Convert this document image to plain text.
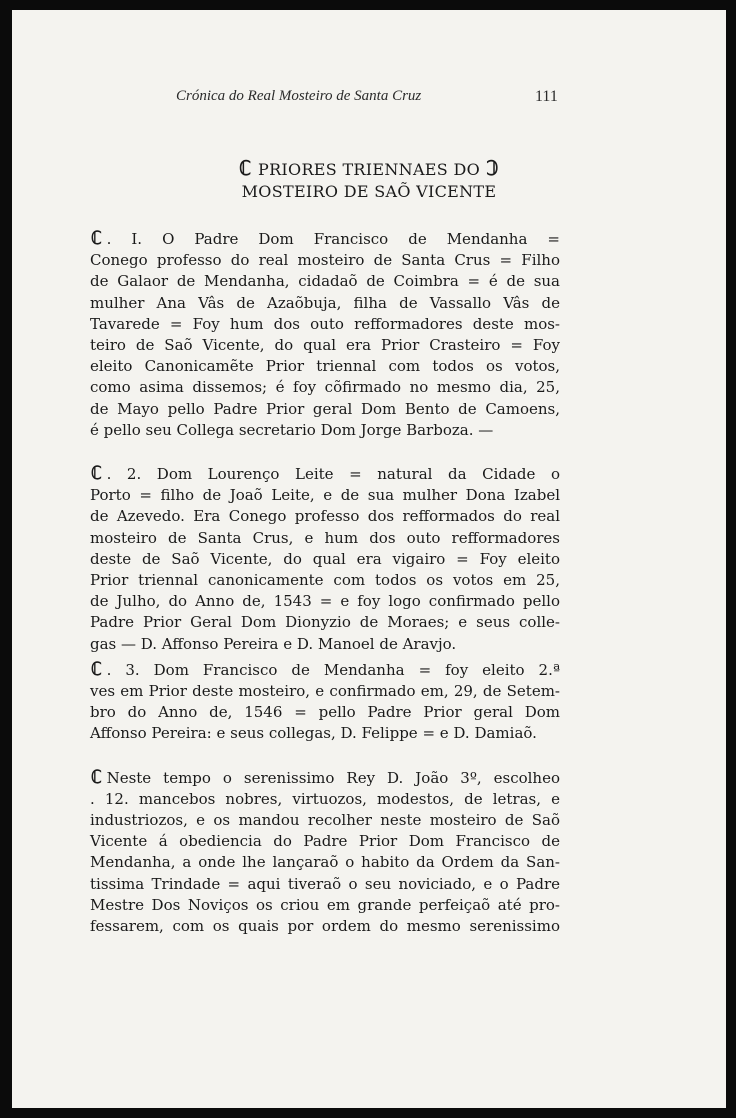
Crónica do Real Mosteiro de Santa Cruz	111
ℂ PRIORES TRIENNAES DO ℂ
MOSTEIRO DE SAÕ VICENTE
ℂ . I. O Padre Dom Francisco de Mendanha =
Conego professo do real mosteiro de Santa Crus = Filho
de Galaor de Mendanha, cidadaõ de Coimbra = é de sua
mulher Ana Vâs de Azaõbuja, filha de Vassallo Vâs de
Tavarede = Foy hum dos outo refformadores deste mos-
teiro de Saõ Vicente, do qual era Prior Crasteiro = Foy
eleito Canonicamẽte Prior triennal com todos os votos,
como asima dissemos; é foy cõfirmado no mesmo dia, 25,
de Mayo pello Padre Prior geral Dom Bento de Camoens,
é pello seu Collega secretario Dom Jorge Barboza. —
ℂ . 2. Dom Lourenço Leite = natural da Cidade o
Porto = filho de Joaõ Leite, e de sua mulher Dona Izabel
de Azevedo. Era Conego professo dos refformados do real
mosteiro de Santa Crus, e hum dos outo refformadores
deste de Saõ Vicente, do qual era vigairo = Foy eleito
Prior triennal canonicamente com todos os votos em 25,
de Julho, do Anno de, 1543 = e foy logo confirmado pello
Padre Prior Geral Dom Dionyzio de Moraes; e seus colle-
gas — D. Affonso Pereira e D. Manoel de Aravjo.
ℂ . 3. Dom Francisco de Mendanha = foy eleito 2.ª
ves em Prior deste mosteiro, e confirmado em, 29, de Setem-
bro do Anno de, 1546 = pello Padre Prior geral Dom
Affonso Pereira: e seus collegas, D. Felippe = e D. Damiaõ.
ℂ Neste tempo o serenissimo Rey D. João 3º, escolheo
. 12. mancebos nobres, virtuozos, modestos, de letras, e
industriozos, e os mandou recolher neste mosteiro de Saõ
Vicente á obediencia do Padre Prior Dom Francisco de
Mendanha, a onde lhe lançaraõ o habito da Ordem da San-
tissima Trindade = aqui tiveraõ o seu noviciado, e o Padre
Mestre Dos Noviços os criou em grande perfeiçaõ até pro-
fessarem, com os quais por ordem do mesmo serenissimo
